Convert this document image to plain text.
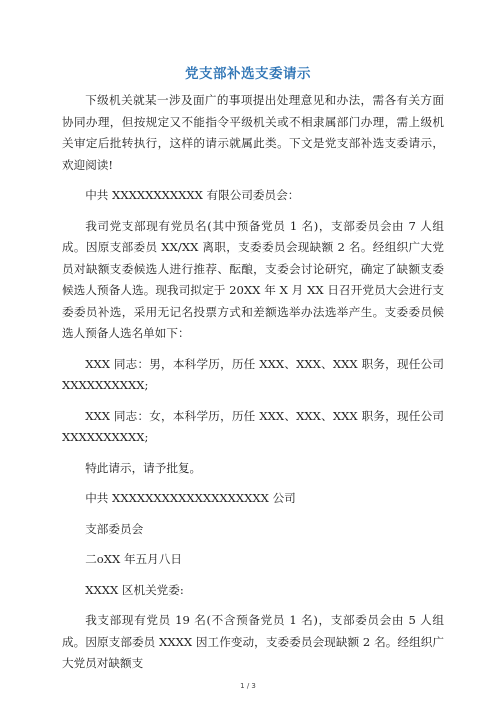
党支部补选支委请示

下级机关就某一涉及面广的事项提出处理意见和办法，需各有关方面协同办理，但按规定又不能指令平级机关或不相隶属部门办理，需上级机关审定后批转执行，这样的请示就属此类。下文是党支部补选支委请示，欢迎阅读!

中共 XXXXXXXXXXX 有限公司委员会：

我司党支部现有党员名(其中预备党员 1 名)，支部委员会由 7 人组成。因原支部委员 XX/XX 离职，支委委员会现缺额 2 名。经组织广大党员对缺额支委候选人进行推荐、酝酿，支委会讨论研究，确定了缺额支委候选人预备人选。现我司拟定于 20XX 年 X 月 XX 日召开党员大会进行支委委员补选，采用无记名投票方式和差额选举办法选举产生。支委委员候选人预备人选名单如下：

XXX 同志：男，本科学历，历任 XXX、XXX、XXX 职务，现任公司 XXXXXXXXXX;

XXX 同志：女，本科学历，历任 XXX、XXX、XXX 职务，现任公司 XXXXXXXXXX;

特此请示，请予批复。

中共 XXXXXXXXXXXXXXXXXXX 公司

支部委员会

二oXX 年五月八日

XXXX 区机关党委:

我支部现有党员 19 名(不含预备党员 1 名)，支部委员会由 5 人组成。因原支部委员 XXXX 因工作变动，支委委员会现缺额 2 名。经组织广大党员对缺额支

1 / 3
